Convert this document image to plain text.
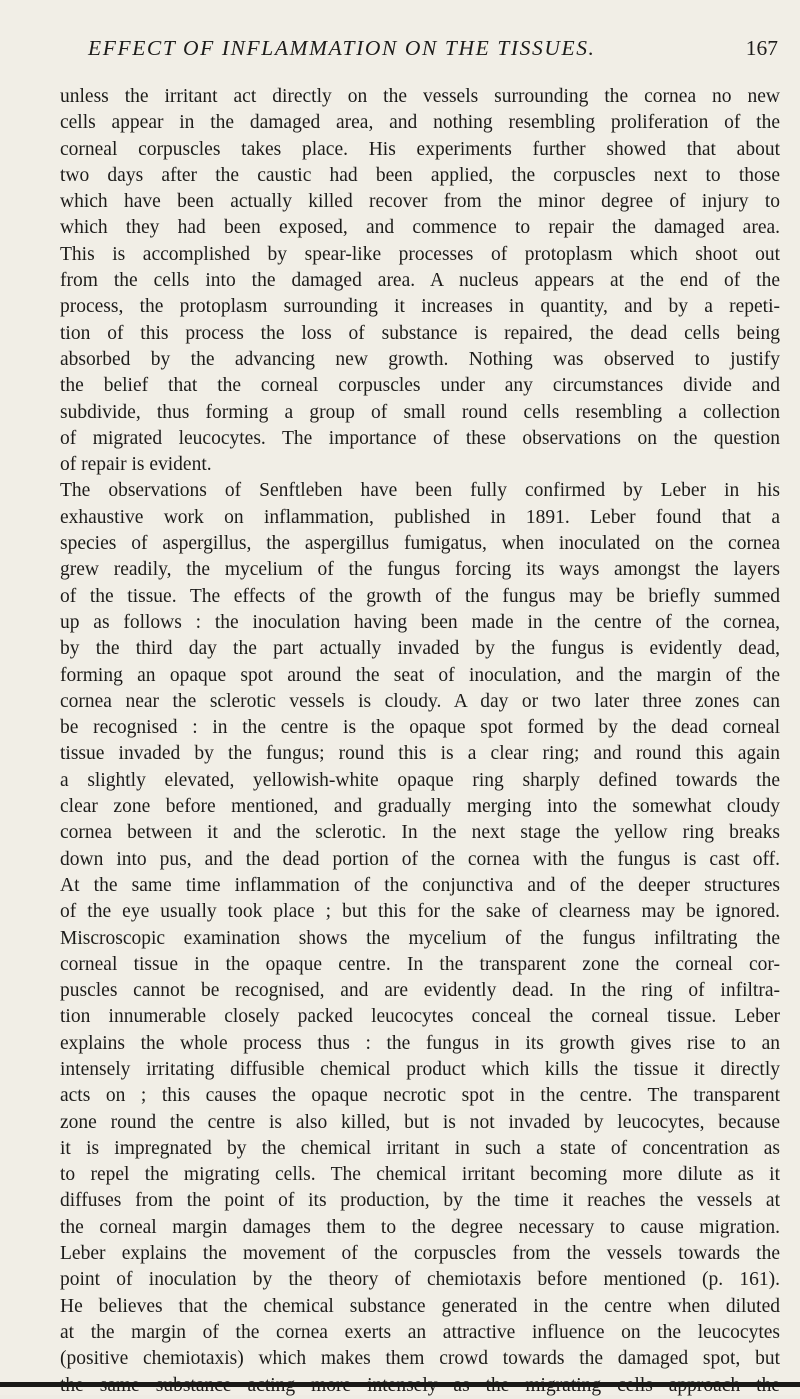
EFFECT OF INFLAMMATION ON THE TISSUES.	167
unless the irritant act directly on the vessels surrounding the cornea no new
cells appear in the damaged area, and nothing resembling proliferation of the
corneal corpuscles takes place. His experiments further showed that about
two days after the caustic had been applied, the corpuscles next to those
which have been actually killed recover from the minor degree of injury to
which they had been exposed, and commence to repair the damaged area.
This is accomplished by spear-like processes of protoplasm which shoot out
from the cells into the damaged area. A nucleus appears at the end of the
process, the protoplasm surrounding it increases in quantity, and by a repeti-
tion of this process the loss of substance is repaired, the dead cells being
absorbed by the advancing new growth. Nothing was observed to justify
the belief that the corneal corpuscles under any circumstances divide and
subdivide, thus forming a group of small round cells resembling a collection
of migrated leucocytes. The importance of these observations on the question
of repair is evident.
The observations of Senftleben have been fully confirmed by Leber in his
exhaustive work on inflammation, published in 1891. Leber found that a
species of aspergillus, the aspergillus fumigatus, when inoculated on the cornea
grew readily, the mycelium of the fungus forcing its ways amongst the layers
of the tissue. The effects of the growth of the fungus may be briefly summed
up as follows : the inoculation having been made in the centre of the cornea,
by the third day the part actually invaded by the fungus is evidently dead,
forming an opaque spot around the seat of inoculation, and the margin of the
cornea near the sclerotic vessels is cloudy. A day or two later three zones can
be recognised : in the centre is the opaque spot formed by the dead corneal
tissue invaded by the fungus; round this is a clear ring; and round this again
a slightly elevated, yellowish-white opaque ring sharply defined towards the
clear zone before mentioned, and gradually merging into the somewhat cloudy
cornea between it and the sclerotic. In the next stage the yellow ring breaks
down into pus, and the dead portion of the cornea with the fungus is cast off.
At the same time inflammation of the conjunctiva and of the deeper structures
of the eye usually took place ; but this for the sake of clearness may be ignored.
Miscroscopic examination shows the mycelium of the fungus infiltrating the
corneal tissue in the opaque centre. In the transparent zone the corneal cor-
puscles cannot be recognised, and are evidently dead. In the ring of infiltra-
tion innumerable closely packed leucocytes conceal the corneal tissue. Leber
explains the whole process thus : the fungus in its growth gives rise to an
intensely irritating diffusible chemical product which kills the tissue it directly
acts on ; this causes the opaque necrotic spot in the centre. The transparent
zone round the centre is also killed, but is not invaded by leucocytes, because
it is impregnated by the chemical irritant in such a state of concentration as
to repel the migrating cells. The chemical irritant becoming more dilute as it
diffuses from the point of its production, by the time it reaches the vessels at
the corneal margin damages them to the degree necessary to cause migration.
Leber explains the movement of the corpuscles from the vessels towards the
point of inoculation by the theory of chemiotaxis before mentioned (p. 161).
He believes that the chemical substance generated in the centre when diluted
at the margin of the cornea exerts an attractive influence on the leucocytes
(positive chemiotaxis) which makes them crowd towards the damaged spot, but
